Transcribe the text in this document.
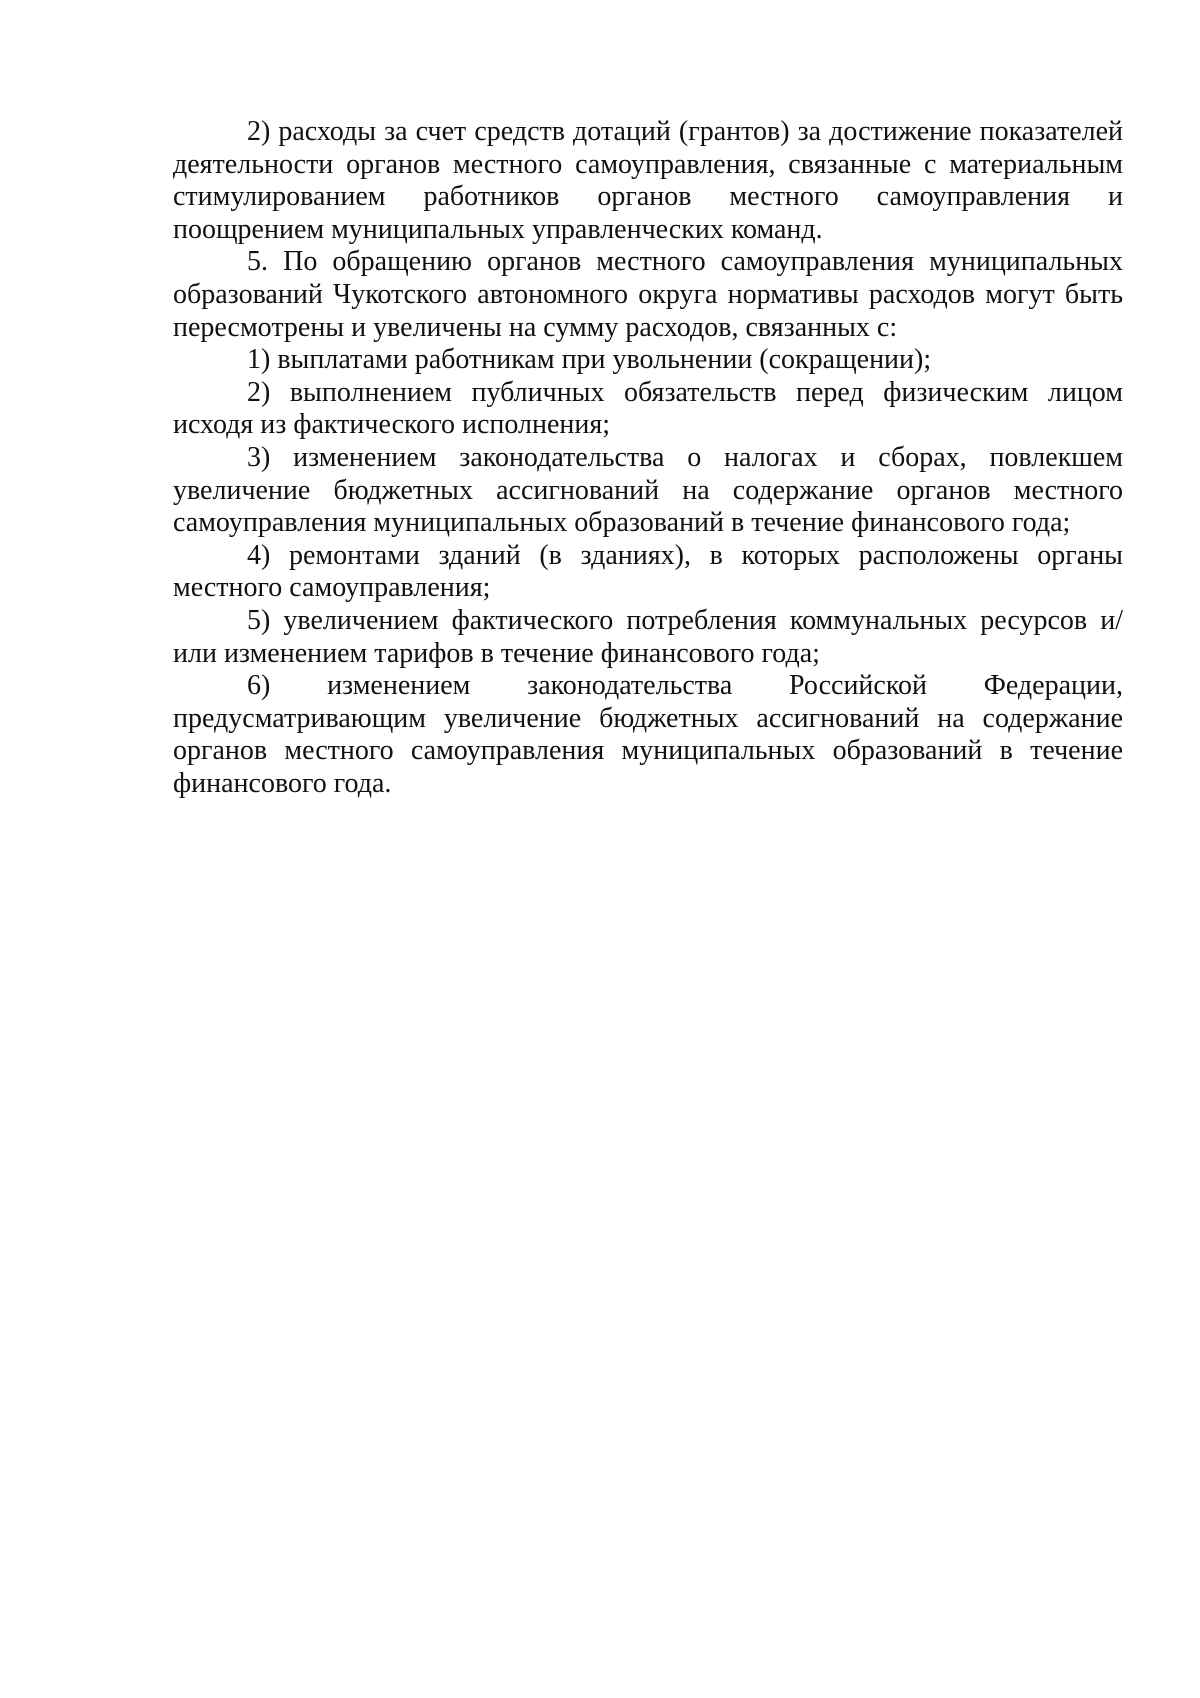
2) расходы за счет средств дотаций (грантов) за достижение показателей деятельности органов местного самоуправления, связанные с материальным стимулированием работников органов местного самоуправления и поощрением муниципальных управленческих команд.

5. По обращению органов местного самоуправления муниципальных образований Чукотского автономного округа нормативы расходов могут быть пересмотрены и увеличены на сумму расходов, связанных с:

1) выплатами работникам при увольнении (сокращении);

2) выполнением публичных обязательств перед физическим лицом исходя из фактического исполнения;

3) изменением законодательства о налогах и сборах, повлекшем увеличение бюджетных ассигнований на содержание органов местного самоуправления муниципальных образований в течение финансового года;

4) ремонтами зданий (в зданиях), в которых расположены органы местного самоуправления;

5) увеличением фактического потребления коммунальных ресурсов и/или изменением тарифов в течение финансового года;

6) изменением законодательства Российской Федерации, предусматривающим увеличение бюджетных ассигнований на содержание органов местного самоуправления муниципальных образований в течение финансового года.
